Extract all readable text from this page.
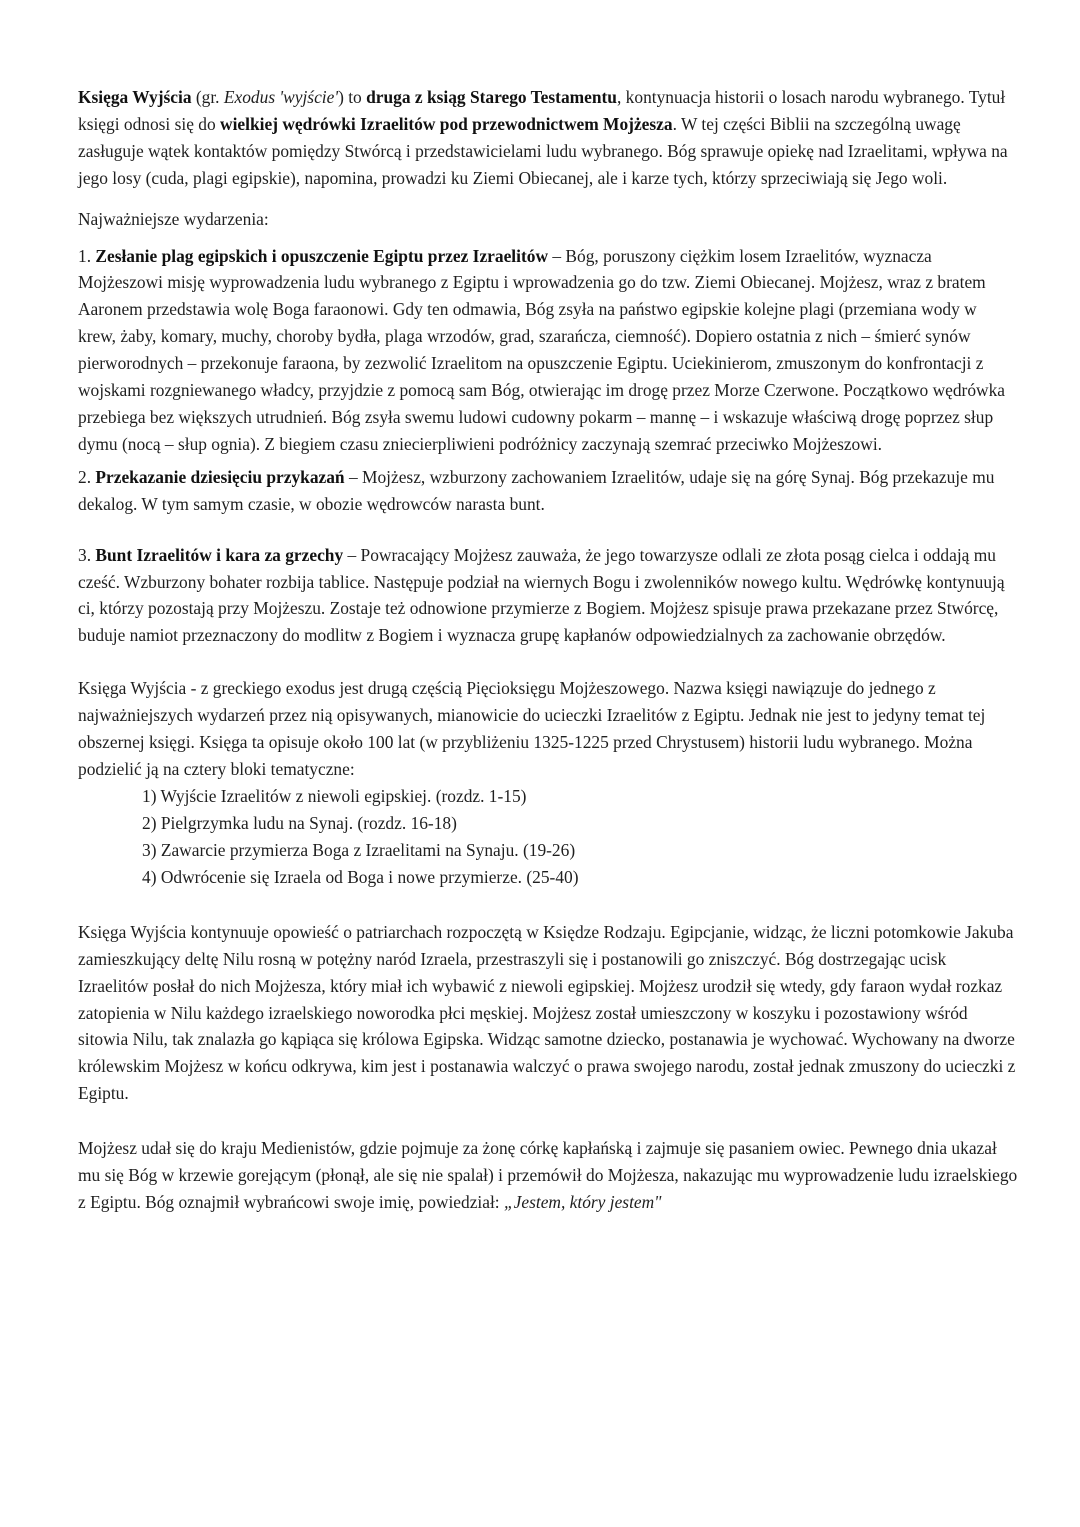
Księga Wyjścia (gr. Exodus 'wyjście') to druga z ksiąg Starego Testamentu, kontynuacja historii o losach narodu wybranego. Tytuł księgi odnosi się do wielkiej wędrówki Izraelitów pod przewodnictwem Mojżesza. W tej części Biblii na szczególną uwagę zasługuje wątek kontaktów pomiędzy Stwórcą i przedstawicielami ludu wybranego. Bóg sprawuje opiekę nad Izraelitami, wpływa na jego losy (cuda, plagi egipskie), napomina, prowadzi ku Ziemi Obiecanej, ale i karze tych, którzy sprzeciwiają się Jego woli.

Najważniejsze wydarzenia:

1. Zesłanie plag egipskich i opuszczenie Egiptu przez Izraelitów – Bóg, poruszony ciężkim losem Izraelitów, wyznacza Mojżeszowi misję wyprowadzenia ludu wybranego z Egiptu i wprowadzenia go do tzw. Ziemi Obiecanej. Mojżesz, wraz z bratem Aaronem przedstawia wolę Boga faraonowi. Gdy ten odmawia, Bóg zsyła na państwo egipskie kolejne plagi (przemiana wody w krew, żaby, komary, muchy, choroby bydła, plaga wrzodów, grad, szarańcza, ciemność). Dopiero ostatnia z nich – śmierć synów pierworodnych – przekonuje faraona, by zezwolić Izraelitom na opuszczenie Egiptu. Uciekinierom, zmuszonym do konfrontacji z wojskami rozgniewanego władcy, przyjdzie z pomocą sam Bóg, otwierając im drogę przez Morze Czerwone. Początkowo wędrówka przebiega bez większych utrudnień. Bóg zsyła swemu ludowi cudowny pokarm – mannę – i wskazuje właściwą drogę poprzez słup dymu (nocą – słup ognia). Z biegiem czasu zniecierpliwieni podróżnicy zaczynają szemrać przeciwko Mojżeszowi.

2. Przekazanie dziesięciu przykazań – Mojżesz, wzburzony zachowaniem Izraelitów, udaje się na górę Synaj. Bóg przekazuje mu dekalog. W tym samym czasie, w obozie wędrowców narasta bunt.

3. Bunt Izraelitów i kara za grzechy – Powracający Mojżesz zauważa, że jego towarzysze odlali ze złota posąg cielca i oddają mu cześć. Wzburzony bohater rozbija tablice. Następuje podział na wiernych Bogu i zwolenników nowego kultu. Wędrówkę kontynuują ci, którzy pozostają przy Mojżeszu. Zostaje też odnowione przymierze z Bogiem. Mojżesz spisuje prawa przekazane przez Stwórcę, buduje namiot przeznaczony do modlitw z Bogiem i wyznacza grupę kapłanów odpowiedzialnych za zachowanie obrzędów.

Księga Wyjścia - z greckiego exodus jest drugą częścią Pięcioksięgu Mojżeszowego. Nazwa księgi nawiązuje do jednego z najważniejszych wydarzeń przez nią opisywanych, mianowicie do ucieczki Izraelitów z Egiptu. Jednak nie jest to jedyny temat tej obszernej księgi. Księga ta opisuje około 100 lat (w przybliżeniu 1325-1225 przed Chrystusem) historii ludu wybranego. Można podzielić ją na cztery bloki tematyczne:

1) Wyjście Izraelitów z niewoli egipskiej. (rozdz. 1-15)
2) Pielgrzymka ludu na Synaj. (rozdz. 16-18)
3) Zawarcie przymierza Boga z Izraelitami na Synaju. (19-26)
4) Odwrócenie się Izraela od Boga i nowe przymierze. (25-40)

Księga Wyjścia kontynuuje opowieść o patriarchach rozpoczętą w Księdze Rodzaju. Egipcjanie, widząc, że liczni potomkowie Jakuba zamieszkujący deltę Nilu rosną w potężny naród Izraela, przestraszyli się i postanowili go zniszczyć. Bóg dostrzegając ucisk Izraelitów posłał do nich Mojżesza, który miał ich wybawić z niewoli egipskiej. Mojżesz urodził się wtedy, gdy faraon wydał rozkaz zatopienia w Nilu każdego izraelskiego noworodka płci męskiej. Mojżesz został umieszczony w koszyku i pozostawiony wśród sitowia Nilu, tak znalazła go kąpiąca się królowa Egipska. Widząc samotne dziecko, postanawia je wychować. Wychowany na dworze królewskim Mojżesz w końcu odkrywa, kim jest i postanawia walczyć o prawa swojego narodu, został jednak zmuszony do ucieczki z Egiptu.

Mojżesz udał się do kraju Medienistów, gdzie pojmuje za żonę córkę kapłańską i zajmuje się pasaniem owiec. Pewnego dnia ukazał mu się Bóg w krzewie gorejącym (płonął, ale się nie spalał) i przemówił do Mojżesza, nakazując mu wyprowadzenie ludu izraelskiego z Egiptu. Bóg oznajmił wybrańcowi swoje imię, powiedział: „Jestem, który jestem"
